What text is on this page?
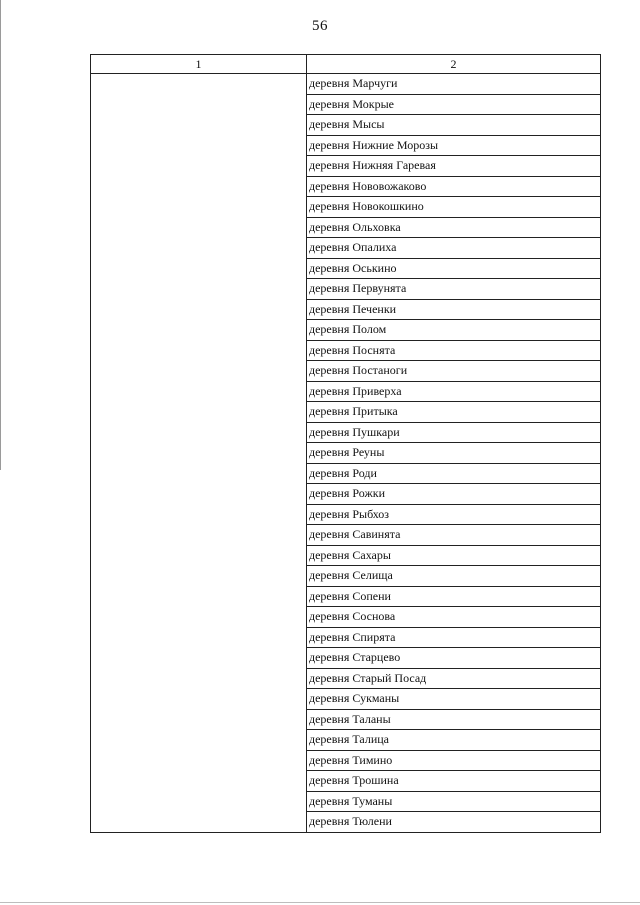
56
1	2
	деревня Марчуги
	деревня Мокрые
	деревня Мысы
	деревня Нижние Морозы
	деревня Нижняя Гаревая
	деревня Нововожаково
	деревня Новокошкино
	деревня Ольховка
	деревня Опалиха
	деревня Оськино
	деревня Первунята
	деревня Печенки
	деревня Полом
	деревня Поснята
	деревня Постаноги
	деревня Приверха
	деревня Притыка
	деревня Пушкари
	деревня Реуны
	деревня Роди
	деревня Рожки
	деревня Рыбхоз
	деревня Савинята
	деревня Сахары
	деревня Селища
	деревня Сопени
	деревня Соснова
	деревня Спирята
	деревня Старцево
	деревня Старый Посад
	деревня Сукманы
	деревня Таланы
	деревня Талица
	деревня Тимино
	деревня Трошина
	деревня Туманы
	деревня Тюлени
